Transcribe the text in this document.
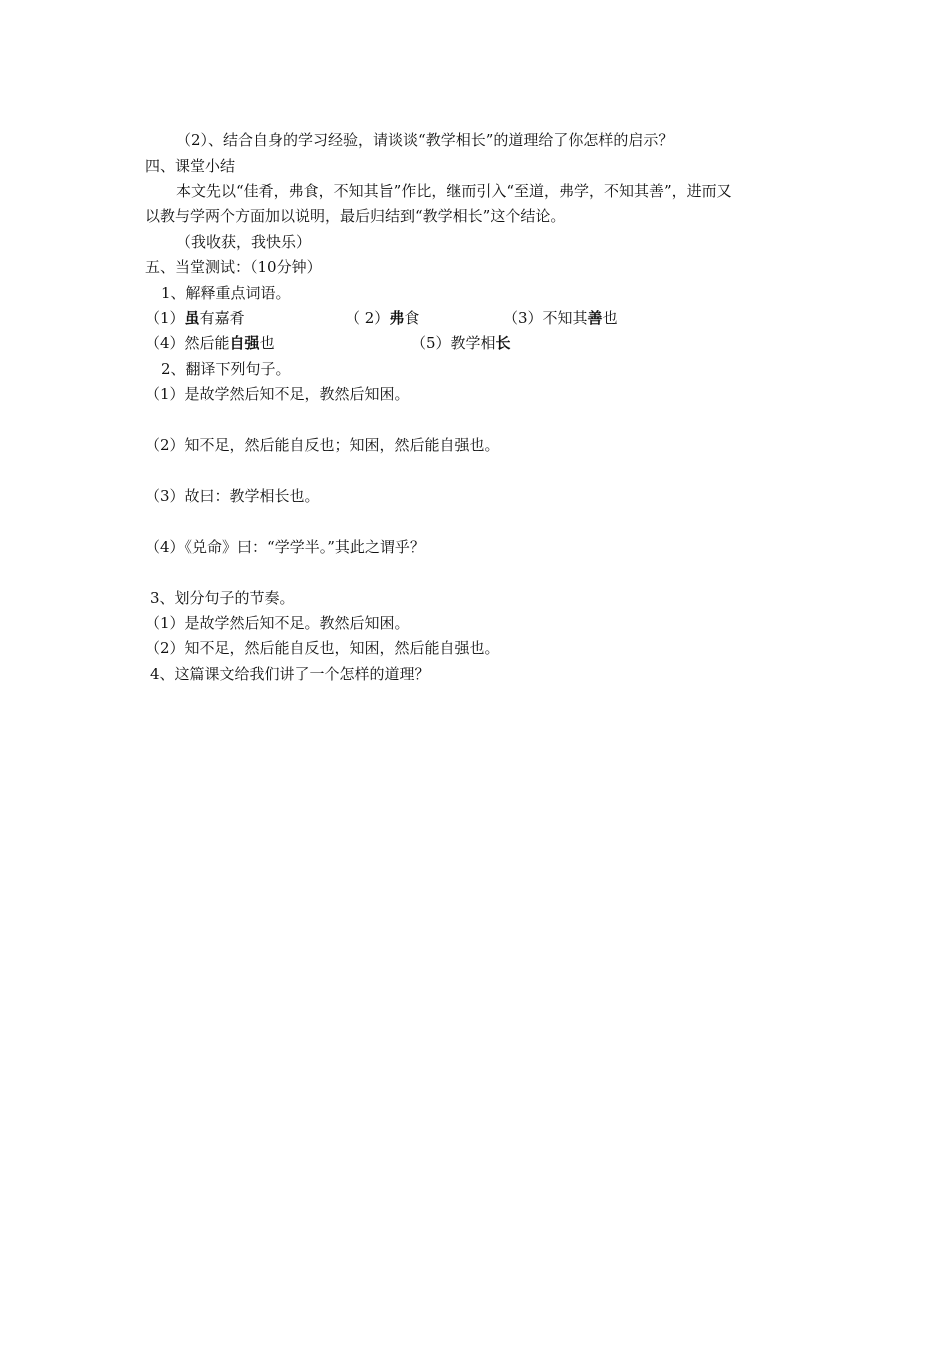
（2）、结合自身的学习经验，请谈谈“教学相长”的道理给了你怎样的启示？
四、课堂小结
本文先以“佳肴，弗食，不知其旨”作比，继而引入“至道，弗学，不知其善”，进而又
以教与学两个方面加以说明，最后归结到“教学相长”这个结论。
（我收获，我快乐）
五、当堂测试：（10分钟）
1、解释重点词语。
（1）虽有嘉肴	（ 2）弗食	（3）不知其善也
（4）然后能自强也	（5）教学相长
2、翻译下列句子。
（1）是故学然后知不足，教然后知困。
（2）知不足，然后能自反也；知困，然后能自强也。
（3）故曰：教学相长也。
（4）《兑命》曰：“学学半。”其此之谓乎？
3、划分句子的节奏。
（1）是故学然后知不足。教然后知困。
（2）知不足，然后能自反也，知困，然后能自强也。
4、这篇课文给我们讲了一个怎样的道理？
